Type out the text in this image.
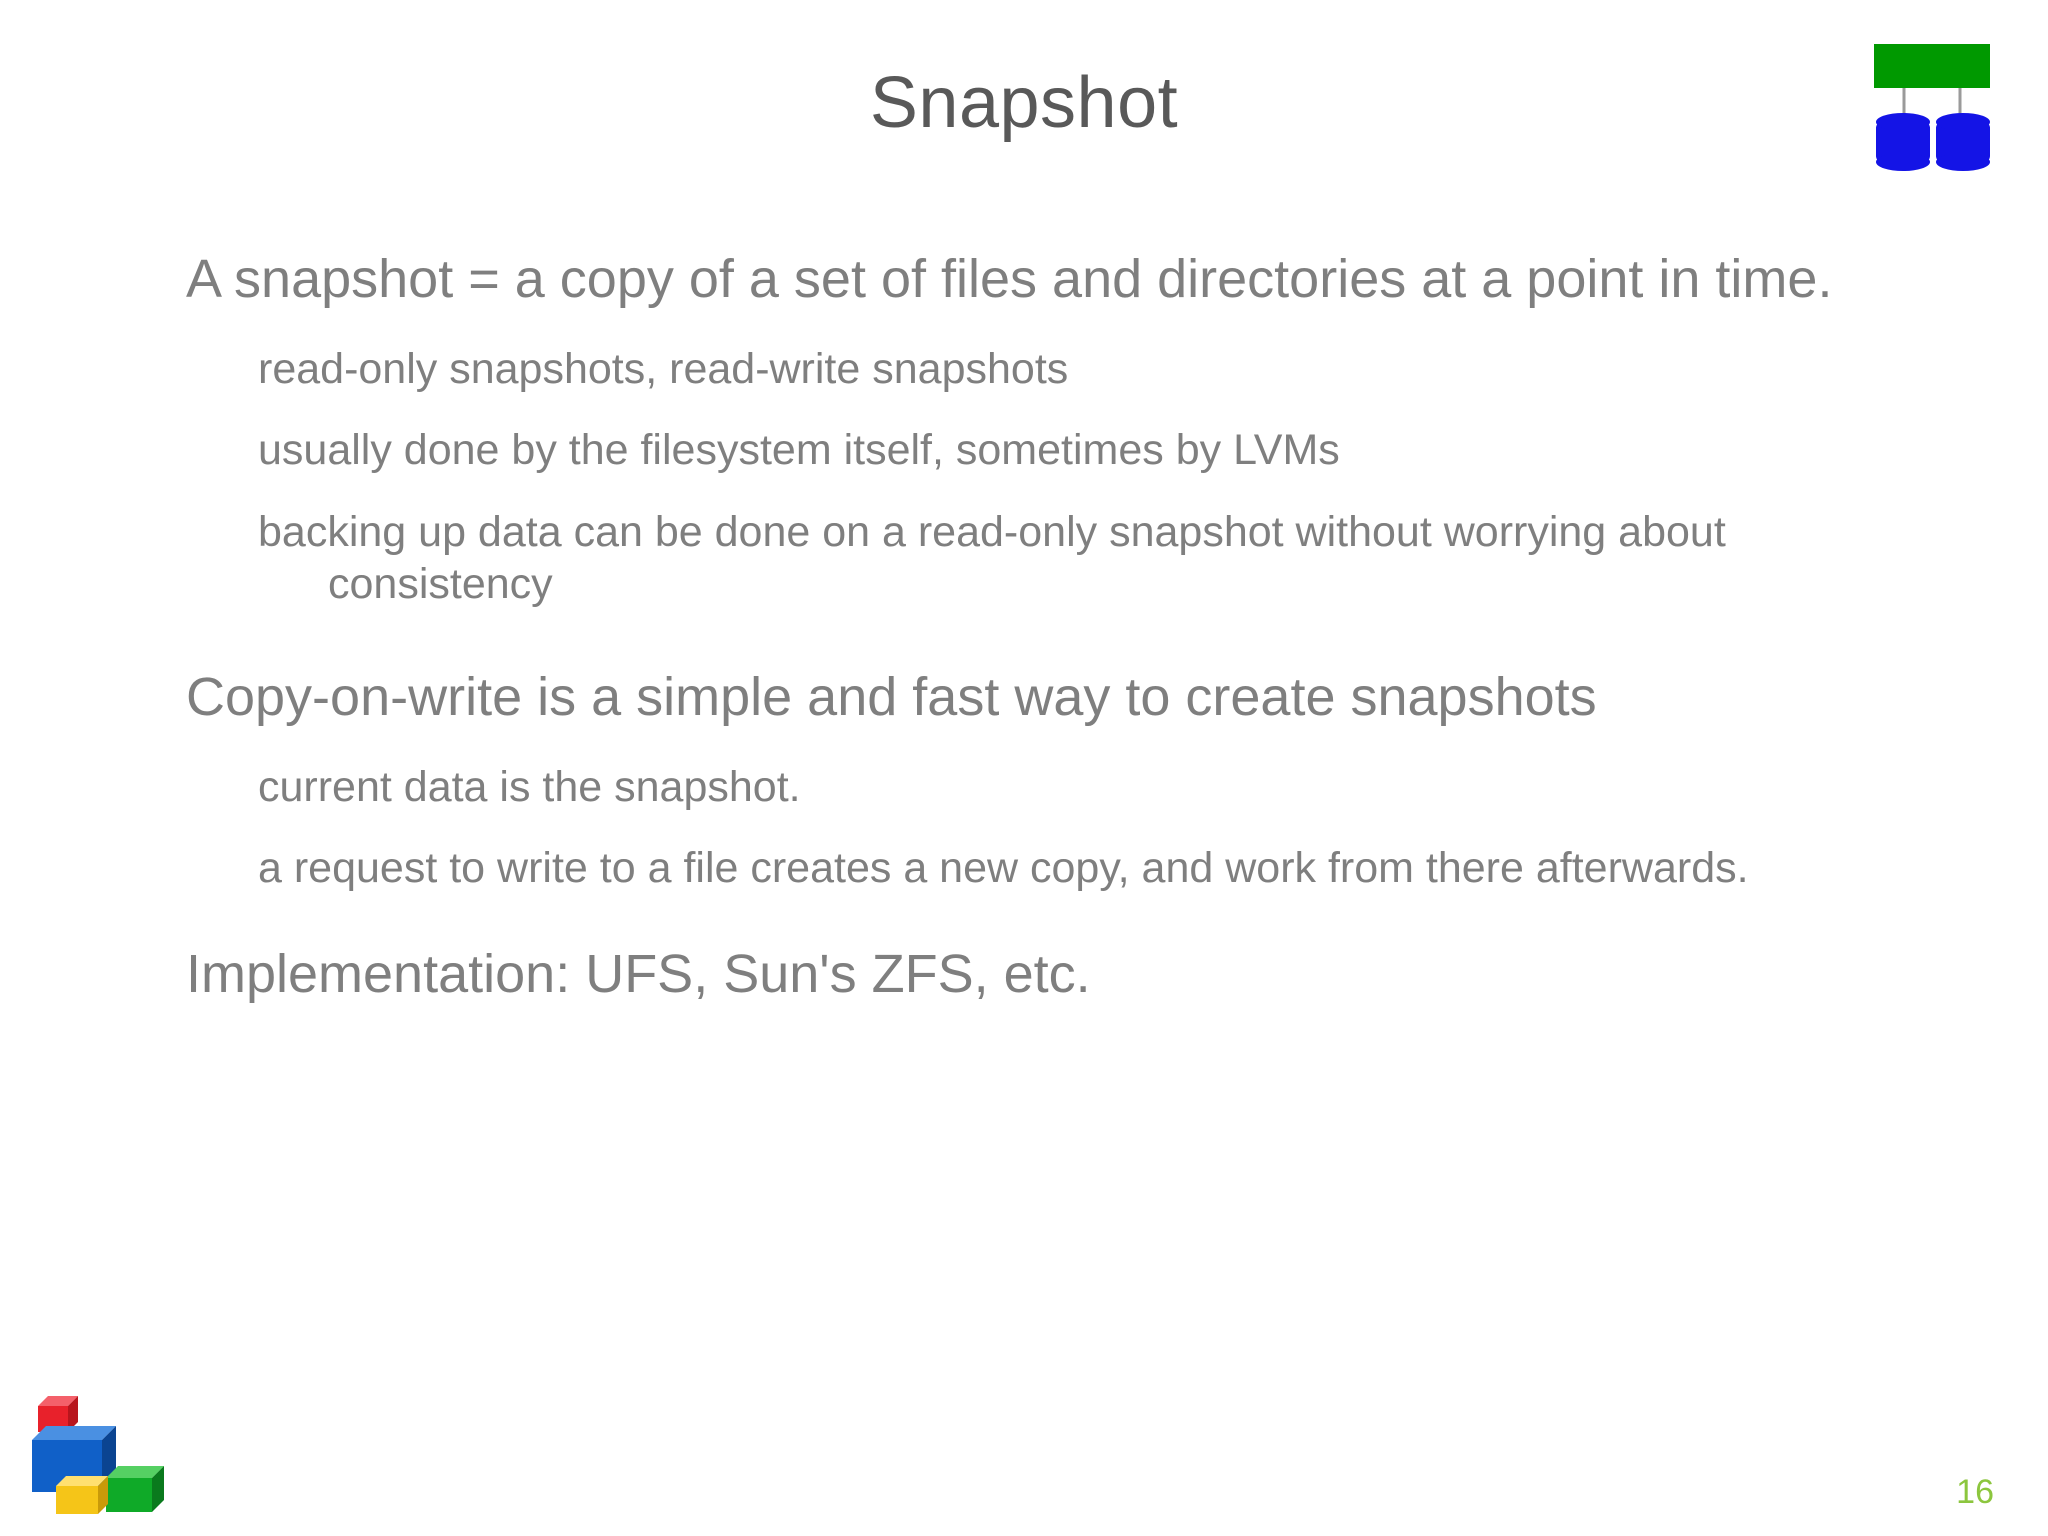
Snapshot

A snapshot = a copy of a set of files and directories at a point in time.

read-only snapshots, read-write snapshots

usually done by the filesystem itself, sometimes by LVMs

backing up data can be done on a read-only snapshot without worrying about consistency

Copy-on-write is a simple and fast way to create snapshots

current data is the snapshot.

a request to write to a file creates a new copy, and work from there afterwards.

Implementation: UFS, Sun's ZFS, etc.

16
